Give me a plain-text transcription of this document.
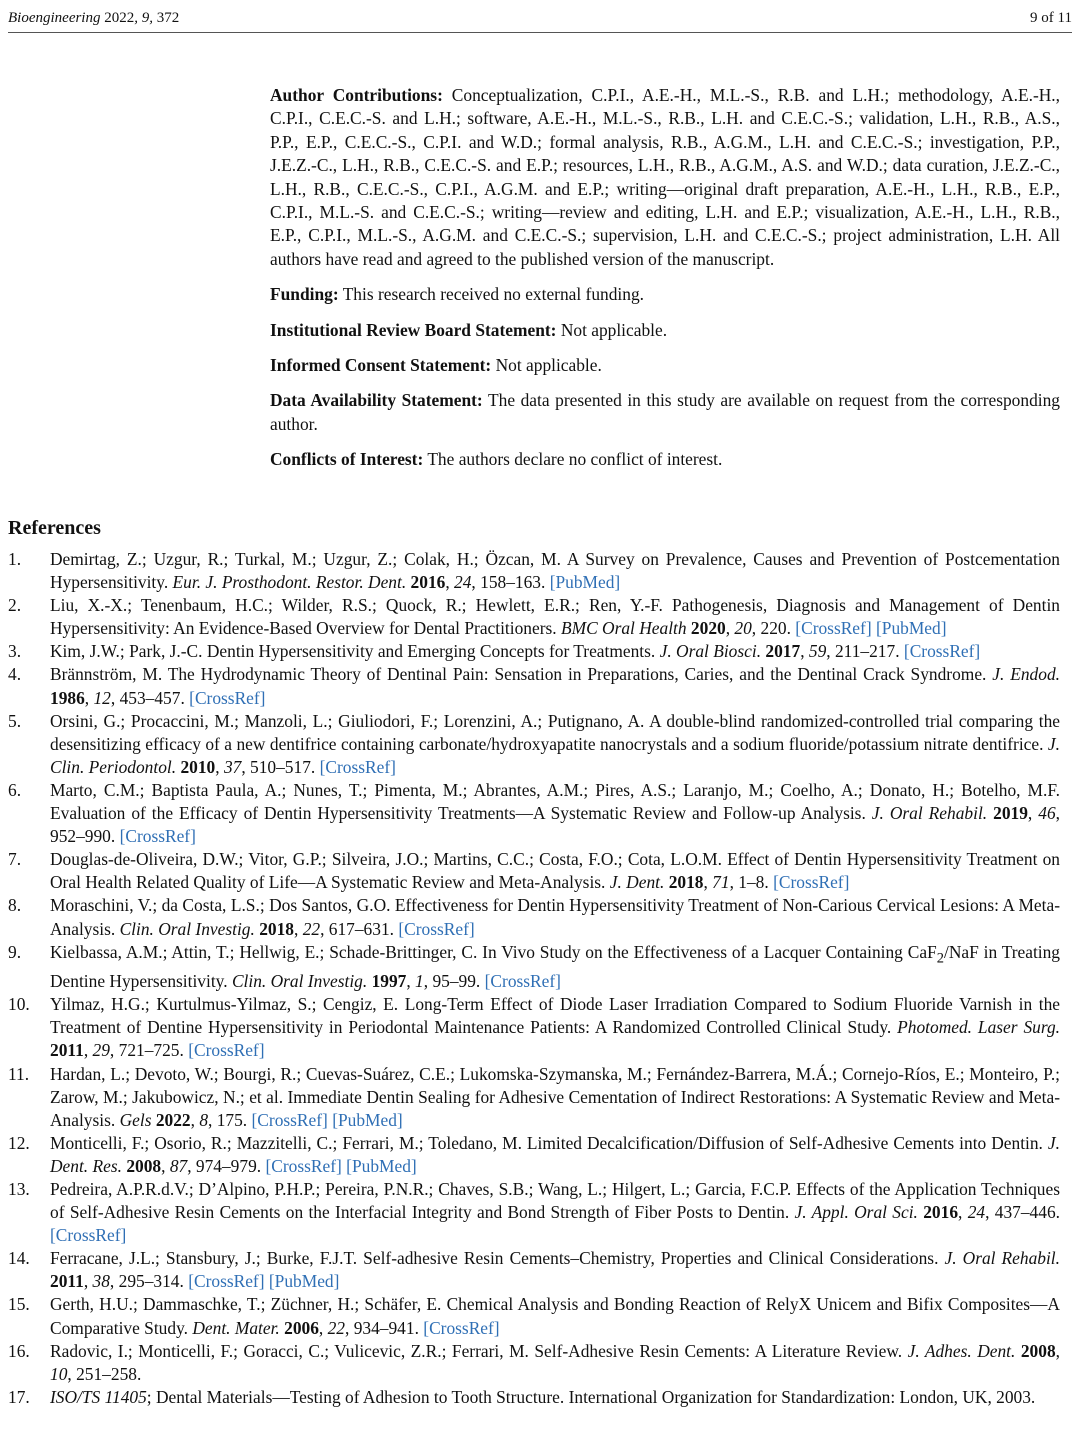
Bioengineering 2022, 9, 372	9 of 11

Author Contributions: Conceptualization, C.P.I., A.E.-H., M.L.-S., R.B. and L.H.; methodology, A.E.-H., C.P.I., C.E.C.-S. and L.H.; software, A.E.-H., M.L.-S., R.B., L.H. and C.E.C.-S.; validation, L.H., R.B., A.S., P.P., E.P., C.E.C.-S., C.P.I. and W.D.; formal analysis, R.B., A.G.M., L.H. and C.E.C.-S.; investigation, P.P., J.E.Z.-C., L.H., R.B., C.E.C.-S. and E.P.; resources, L.H., R.B., A.G.M., A.S. and W.D.; data curation, J.E.Z.-C., L.H., R.B., C.E.C.-S., C.P.I., A.G.M. and E.P.; writing—original draft preparation, A.E.-H., L.H., R.B., E.P., C.P.I., M.L.-S. and C.E.C.-S.; writing—review and editing, L.H. and E.P.; visualization, A.E.-H., L.H., R.B., E.P., C.P.I., M.L.-S., A.G.M. and C.E.C.-S.; supervision, L.H. and C.E.C.-S.; project administration, L.H. All authors have read and agreed to the published version of the manuscript.

Funding: This research received no external funding.

Institutional Review Board Statement: Not applicable.

Informed Consent Statement: Not applicable.

Data Availability Statement: The data presented in this study are available on request from the corresponding author.

Conflicts of Interest: The authors declare no conflict of interest.

References
1.	Demirtag, Z.; Uzgur, R.; Turkal, M.; Uzgur, Z.; Colak, H.; Özcan, M. A Survey on Prevalence, Causes and Prevention of Postcementation Hypersensitivity. Eur. J. Prosthodont. Restor. Dent. 2016, 24, 158–163. [PubMed]
2.	Liu, X.-X.; Tenenbaum, H.C.; Wilder, R.S.; Quock, R.; Hewlett, E.R.; Ren, Y.-F. Pathogenesis, Diagnosis and Management of Dentin Hypersensitivity: An Evidence-Based Overview for Dental Practitioners. BMC Oral Health 2020, 20, 220. [CrossRef] [PubMed]
3.	Kim, J.W.; Park, J.-C. Dentin Hypersensitivity and Emerging Concepts for Treatments. J. Oral Biosci. 2017, 59, 211–217. [CrossRef]
4.	Brännström, M. The Hydrodynamic Theory of Dentinal Pain: Sensation in Preparations, Caries, and the Dentinal Crack Syndrome. J. Endod. 1986, 12, 453–457. [CrossRef]
5.	Orsini, G.; Procaccini, M.; Manzoli, L.; Giuliodori, F.; Lorenzini, A.; Putignano, A. A double-blind randomized-controlled trial comparing the desensitizing efficacy of a new dentifrice containing carbonate/hydroxyapatite nanocrystals and a sodium fluoride/potassium nitrate dentifrice. J. Clin. Periodontol. 2010, 37, 510–517. [CrossRef]
6.	Marto, C.M.; Baptista Paula, A.; Nunes, T.; Pimenta, M.; Abrantes, A.M.; Pires, A.S.; Laranjo, M.; Coelho, A.; Donato, H.; Botelho, M.F. Evaluation of the Efficacy of Dentin Hypersensitivity Treatments—A Systematic Review and Follow-up Analysis. J. Oral Rehabil. 2019, 46, 952–990. [CrossRef]
7.	Douglas-de-Oliveira, D.W.; Vitor, G.P.; Silveira, J.O.; Martins, C.C.; Costa, F.O.; Cota, L.O.M. Effect of Dentin Hypersensitivity Treatment on Oral Health Related Quality of Life—A Systematic Review and Meta-Analysis. J. Dent. 2018, 71, 1–8. [CrossRef]
8.	Moraschini, V.; da Costa, L.S.; Dos Santos, G.O. Effectiveness for Dentin Hypersensitivity Treatment of Non-Carious Cervical Lesions: A Meta-Analysis. Clin. Oral Investig. 2018, 22, 617–631. [CrossRef]
9.	Kielbassa, A.M.; Attin, T.; Hellwig, E.; Schade-Brittinger, C. In Vivo Study on the Effectiveness of a Lacquer Containing CaF$_2$/NaF in Treating Dentine Hypersensitivity. Clin. Oral Investig. 1997, 1, 95–99. [CrossRef]
10.	Yilmaz, H.G.; Kurtulmus-Yilmaz, S.; Cengiz, E. Long-Term Effect of Diode Laser Irradiation Compared to Sodium Fluoride Varnish in the Treatment of Dentine Hypersensitivity in Periodontal Maintenance Patients: A Randomized Controlled Clinical Study. Photomed. Laser Surg. 2011, 29, 721–725. [CrossRef]
11.	Hardan, L.; Devoto, W.; Bourgi, R.; Cuevas-Suárez, C.E.; Lukomska-Szymanska, M.; Fernández-Barrera, M.Á.; Cornejo-Ríos, E.; Monteiro, P.; Zarow, M.; Jakubowicz, N.; et al. Immediate Dentin Sealing for Adhesive Cementation of Indirect Restorations: A Systematic Review and Meta-Analysis. Gels 2022, 8, 175. [CrossRef] [PubMed]
12.	Monticelli, F.; Osorio, R.; Mazzitelli, C.; Ferrari, M.; Toledano, M. Limited Decalcification/Diffusion of Self-Adhesive Cements into Dentin. J. Dent. Res. 2008, 87, 974–979. [CrossRef] [PubMed]
13.	Pedreira, A.P.R.d.V.; D’Alpino, P.H.P.; Pereira, P.N.R.; Chaves, S.B.; Wang, L.; Hilgert, L.; Garcia, F.C.P. Effects of the Application Techniques of Self-Adhesive Resin Cements on the Interfacial Integrity and Bond Strength of Fiber Posts to Dentin. J. Appl. Oral Sci. 2016, 24, 437–446. [CrossRef]
14.	Ferracane, J.L.; Stansbury, J.; Burke, F.J.T. Self-adhesive Resin Cements–Chemistry, Properties and Clinical Considerations. J. Oral Rehabil. 2011, 38, 295–314. [CrossRef] [PubMed]
15.	Gerth, H.U.; Dammaschke, T.; Züchner, H.; Schäfer, E. Chemical Analysis and Bonding Reaction of RelyX Unicem and Bifix Composites—A Comparative Study. Dent. Mater. 2006, 22, 934–941. [CrossRef]
16.	Radovic, I.; Monticelli, F.; Goracci, C.; Vulicevic, Z.R.; Ferrari, M. Self-Adhesive Resin Cements: A Literature Review. J. Adhes. Dent. 2008, 10, 251–258.
17.	ISO/TS 11405; Dental Materials—Testing of Adhesion to Tooth Structure. International Organization for Standardization: London, UK, 2003.
